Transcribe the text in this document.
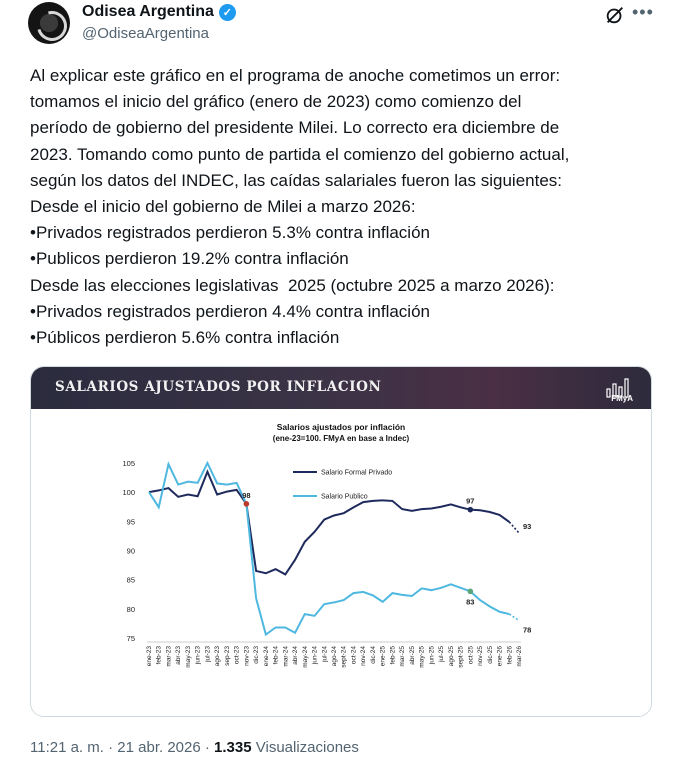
Odisea Argentina ✓
@OdiseaArgentina
•••
Al explicar este gráfico en el programa de anoche cometimos un error:
tomamos el inicio del gráfico (enero de 2023) como comienzo del
período de gobierno del presidente Milei. Lo correcto era diciembre de
2023. Tomando como punto de partida el comienzo del gobierno actual,
según los datos del INDEC, las caídas salariales fueron las siguientes:
Desde el inicio del gobierno de Milei a marzo 2026:
•Privados registrados perdieron 5.3% contra inflación
•Publicos perdieron 19.2% contra inflación
Desde las elecciones legislativas  2025 (octubre 2025 a marzo 2026):
•Privados registrados perdieron 4.4% contra inflación
•Públicos perdieron 5.6% contra inflación
SALARIOS AJUSTADOS POR INFLACION
FMyA
Salarios ajustados por inflación
(ene-23=100. FMyA en base a Indec)
75
80
85
90
95
100
105
ene-23 feb-23 mar-23 abr-23 may-23 jun-23 jul-23 ago-23 sep-23 oct-23 nov-23 dic-23 ene-24 feb-24 mar-24 abr-24 may-24 jun-24 jul-24 ago-24 sept-24 oct-24 nov-24 dic-24 ene-25 feb-25 mar-25 abr-25 may-25 jun-25 jul-25 ago-25 sept-25 oct-25 nov-25 dic-25 ene-26 feb-26 mar-26
Salario Formal Privado
Salario Publico
98
97
93
83
78
11:21 a. m. · 21 abr. 2026 · 1.335 Visualizaciones
